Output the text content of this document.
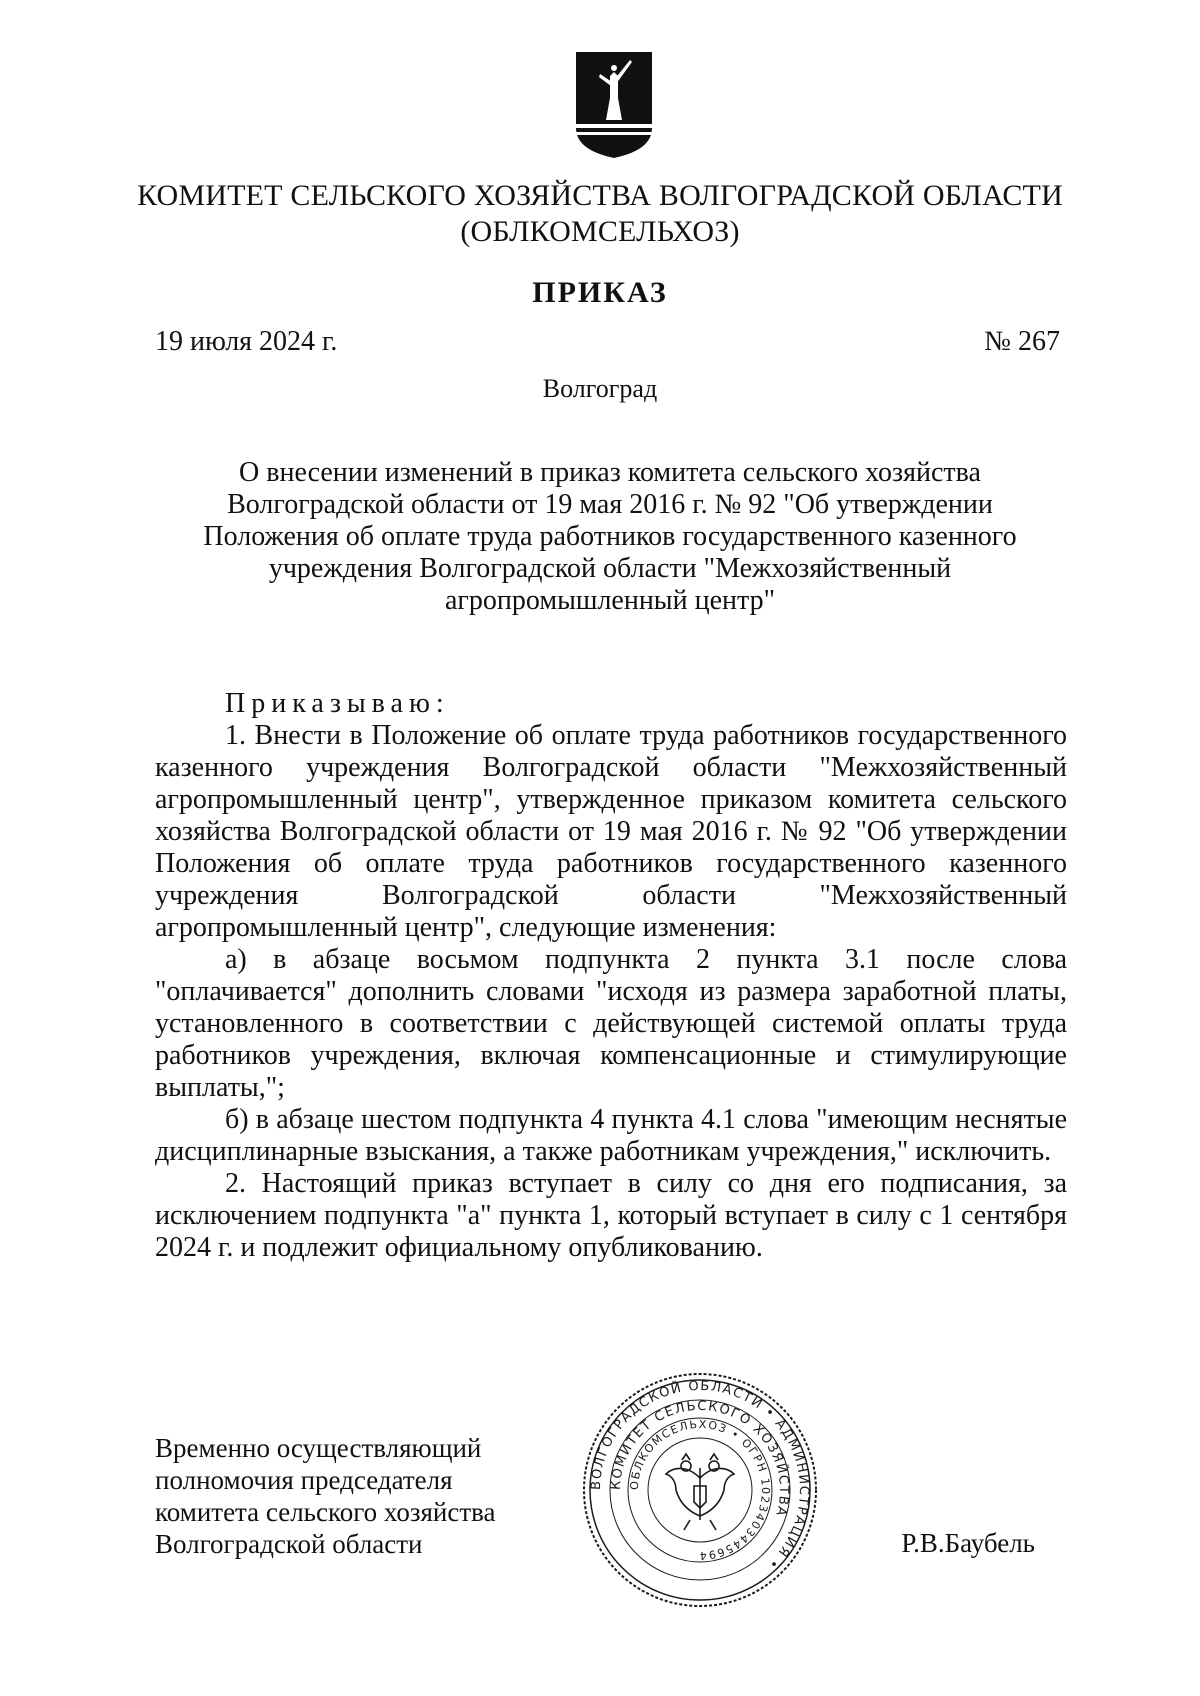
КОМИТЕТ СЕЛЬСКОГО ХОЗЯЙСТВА ВОЛГОГРАДСКОЙ ОБЛАСТИ
(ОБЛКОМСЕЛЬХОЗ)
ПРИКАЗ
19 июля 2024 г.	№ 267
Волгоград
О внесении изменений в приказ комитета сельского хозяйства
Волгоградской области от 19 мая 2016 г. № 92 "Об утверждении
Положения об оплате труда работников государственного казенного
учреждения Волгоградской области "Межхозяйственный
агропромышленный центр"

Приказываю:

1. Внести в Положение об оплате труда работников государственного казенного учреждения Волгоградской области "Межхозяйственный агропромышленный центр", утвержденное приказом комитета сельского хозяйства Волгоградской области от 19 мая 2016 г. № 92 "Об утверждении Положения об оплате труда работников государственного казенного учреждения Волгоградской области "Межхозяйственный агропромышленный центр", следующие изменения:

а) в абзаце восьмом подпункта 2 пункта 3.1 после слова "оплачивается" дополнить словами "исходя из размера заработной платы, установленного в соответствии с действующей системой оплаты труда работников учреждения, включая компенсационные и стимулирующие выплаты,";

б) в абзаце шестом подпункта 4 пункта 4.1 слова "имеющим неснятые дисциплинарные взыскания, а также работникам учреждения," исключить.

2. Настоящий приказ вступает в силу со дня его подписания, за исключением подпункта "а" пункта 1, который вступает в силу с 1 сентября 2024 г. и подлежит официальному опубликованию.

Временно осуществляющий
полномочия председателя
комитета сельского хозяйства
Волгоградской области	Р.В.Баубель
ВОЛГОГРАДСКОЙ ОБЛАСТИ • АДМИНИСТРАЦИЯ •
КОМИТЕТ СЕЛЬСКОГО ХОЗЯЙСТВА
ОБЛКОМСЕЛЬХОЗ • ОГРН 1023403445694
